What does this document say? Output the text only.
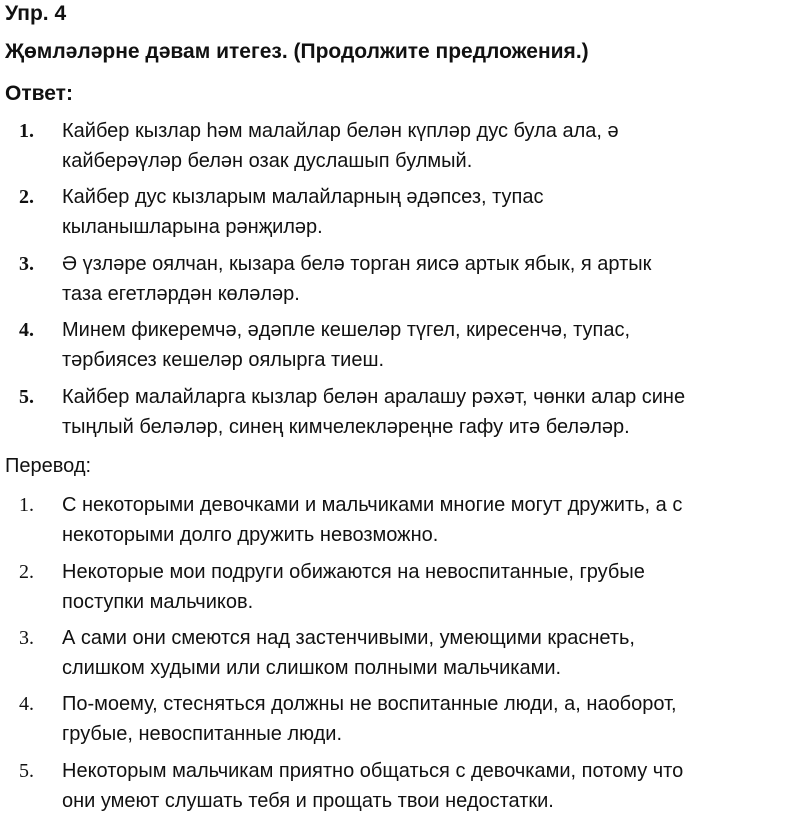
Упр. 4
Җөмләләрне дәвам итегез. (Продолжите предложения.)
Ответ:
1. Кайбер кызлар һәм малайлар белән күпләр дус була ала, ә
кайберәүләр белән озак дуслашып булмый.
2. Кайбер дус кызларым малайларның әдәпсез, тупас
кыланышларына рәнҗиләр.
3. Ә үзләре оялчан, кызара белә торган яисә артык ябык, я артык
таза егетләрдән көләләр.
4. Минем фикеремчә, әдәпле кешеләр түгел, киресенчә, тупас,
тәрбиясез кешеләр оялырга тиеш.
5. Кайбер малайларга кызлар белән аралашу рәхәт, чөнки алар сине
тыңлый беләләр, синең кимчелекләреңне гафу итә беләләр.
Перевод:
1. С некоторыми девочками и мальчиками многие могут дружить, а с
некоторыми долго дружить невозможно.
2. Некоторые мои подруги обижаются на невоспитанные, грубые
поступки мальчиков.
3. А сами они смеются над застенчивыми, умеющими краснеть,
слишком худыми или слишком полными мальчиками.
4. По-моему, стесняться должны не воспитанные люди, а, наоборот,
грубые, невоспитанные люди.
5. Некоторым мальчикам приятно общаться с девочками, потому что
они умеют слушать тебя и прощать твои недостатки.
